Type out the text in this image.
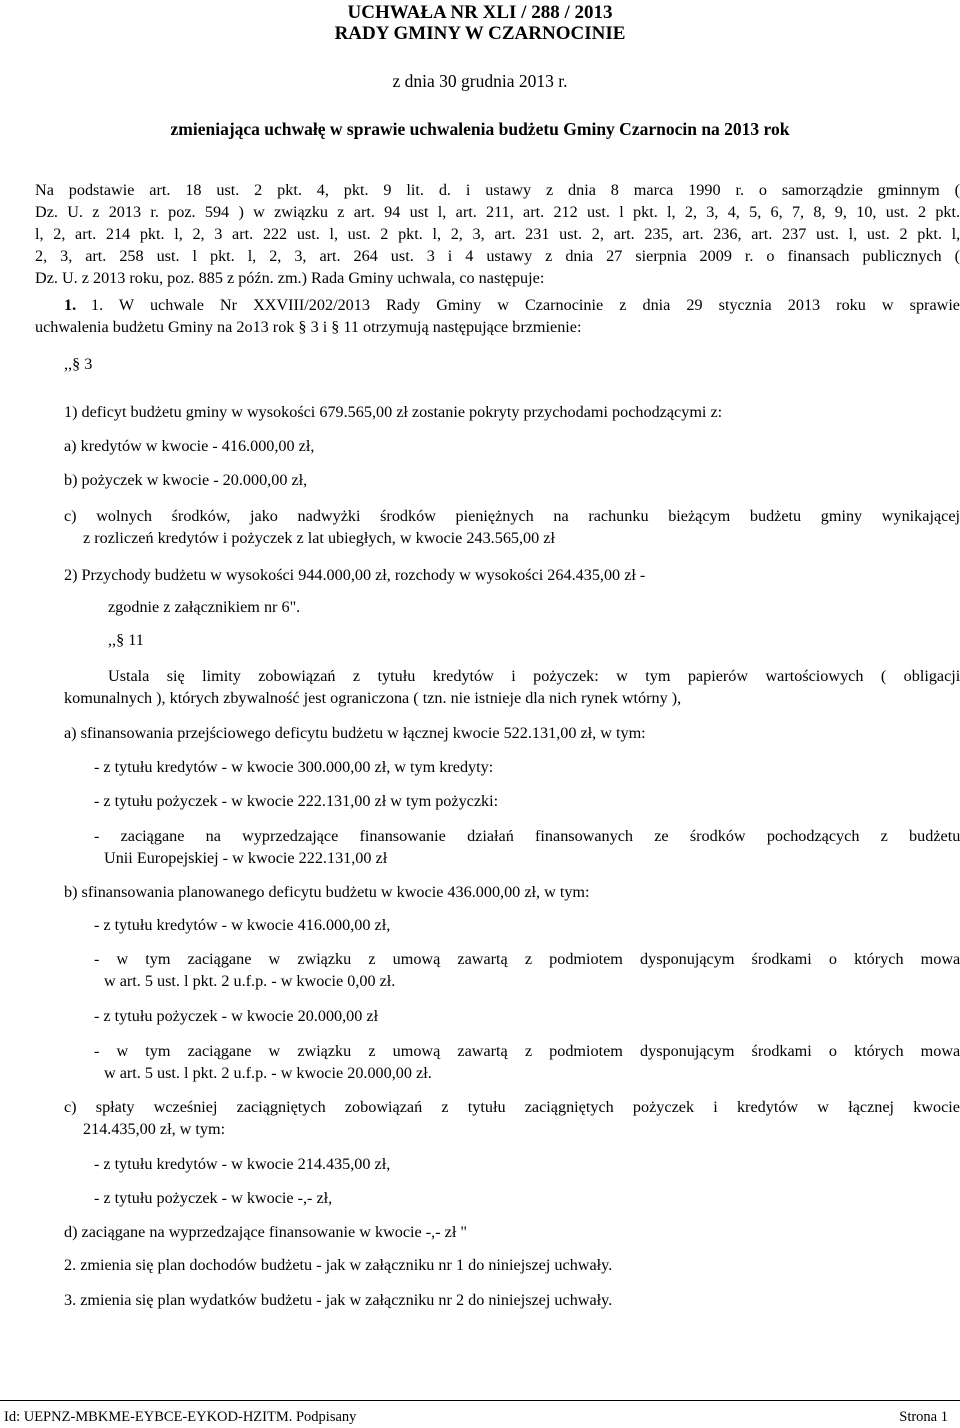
UCHWAŁA NR XLI / 288 / 2013
RADY GMINY W CZARNOCINIE
z dnia 30 grudnia 2013 r.
zmieniająca uchwałę w sprawie uchwalenia budżetu Gminy Czarnocin na 2013 rok
Na podstawie art. 18 ust. 2 pkt. 4, pkt. 9 lit. d. i ustawy z dnia 8 marca 1990 r. o samorządzie gminnym (
Dz. U. z 2013 r. poz. 594 ) w związku z art. 94 ust l, art. 211, art. 212 ust. l pkt. l, 2, 3, 4, 5, 6, 7, 8, 9, 10, ust. 2 pkt.
l, 2, art. 214 pkt. l, 2, 3 art. 222 ust. l, ust. 2 pkt. l, 2, 3, art. 231 ust. 2, art. 235, art. 236, art. 237 ust. l, ust. 2 pkt. l,
2, 3, art. 258 ust. l pkt. l, 2, 3, art. 264 ust. 3 i 4 ustawy z dnia 27 sierpnia 2009 r. o finansach publicznych (
Dz. U. z 2013 roku, poz. 885 z późn. zm.) Rada Gminy uchwala, co następuje:
1. 1. W uchwale Nr XXVIII/202/2013 Rady Gminy w Czarnocinie z dnia 29 stycznia 2013 roku w sprawie
uchwalenia budżetu Gminy na 2o13 rok § 3 i § 11 otrzymują następujące brzmienie:
,,§ 3
1) deficyt budżetu gminy w wysokości 679.565,00 zł zostanie pokryty przychodami pochodzącymi z:
a) kredytów w kwocie - 416.000,00 zł,
b) pożyczek w kwocie - 20.000,00 zł,
c) wolnych środków, jako nadwyżki środków pieniężnych na rachunku bieżącym budżetu gminy wynikającej
z rozliczeń kredytów i pożyczek z lat ubiegłych, w kwocie 243.565,00 zł
2) Przychody budżetu w wysokości 944.000,00 zł, rozchody w wysokości 264.435,00 zł -
zgodnie z załącznikiem nr 6".
,,§ 11
Ustala się limity zobowiązań z tytułu kredytów i pożyczek: w tym papierów wartościowych ( obligacji
komunalnych ), których zbywalność jest ograniczona ( tzn. nie istnieje dla nich rynek wtórny ),
a) sfinansowania przejściowego deficytu budżetu w łącznej kwocie 522.131,00 zł, w tym:
- z tytułu kredytów - w kwocie 300.000,00 zł, w tym kredyty:
- z tytułu pożyczek - w kwocie 222.131,00 zł w tym pożyczki:
- zaciągane na wyprzedzające finansowanie działań finansowanych ze środków pochodzących z budżetu
Unii Europejskiej - w kwocie 222.131,00 zł
b) sfinansowania planowanego deficytu budżetu w kwocie 436.000,00 zł, w tym:
- z tytułu kredytów - w kwocie 416.000,00 zł,
- w tym zaciągane w związku z umową zawartą z podmiotem dysponującym środkami o których mowa
w art. 5 ust. l pkt. 2 u.f.p. - w kwocie 0,00 zł.
- z tytułu pożyczek - w kwocie 20.000,00 zł
- w tym zaciągane w związku z umową zawartą z podmiotem dysponującym środkami o których mowa
w art. 5 ust. l pkt. 2 u.f.p. - w kwocie 20.000,00 zł.
c) spłaty wcześniej zaciągniętych zobowiązań z tytułu zaciągniętych pożyczek i kredytów w łącznej kwocie
214.435,00 zł, w tym:
- z tytułu kredytów - w kwocie 214.435,00 zł,
- z tytułu pożyczek - w kwocie -,- zł,
d) zaciągane na wyprzedzające finansowanie w kwocie -,- zł "
2. zmienia się plan dochodów budżetu - jak w załączniku nr 1 do niniejszej uchwały.
3. zmienia się plan wydatków budżetu - jak w załączniku nr 2 do niniejszej uchwały.
Id: UEPNZ-MBKME-EYBCE-EYKOD-HZITM. Podpisany	Strona 1
